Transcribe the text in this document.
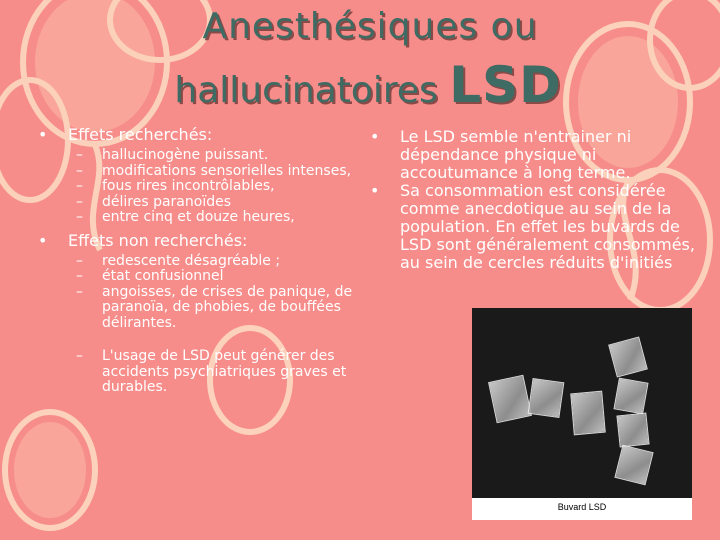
Anesthésiques ou
hallucinatoires LSD
• Effets recherchés:
– hallucinogène puissant.
– modifications sensorielles intenses,
– fous rires incontrôlables,
– délires paranoïdes
– entre cinq et douze heures,
• Effets non recherchés:
– redescente désagréable ;
– état confusionnel
– angoisses, de crises de panique, de paranoïa, de phobies, de bouffées délirantes.
– L'usage de LSD peut générer des accidents psychiatriques graves et durables.
• Le LSD semble n'entrainer ni dépendance physique ni accoutumance à long terme.
• Sa consommation est considérée comme anecdotique au sein de la population. En effet les buvards de LSD sont généralement consommés, au sein de cercles réduits d'initiés
Buvard LSD
